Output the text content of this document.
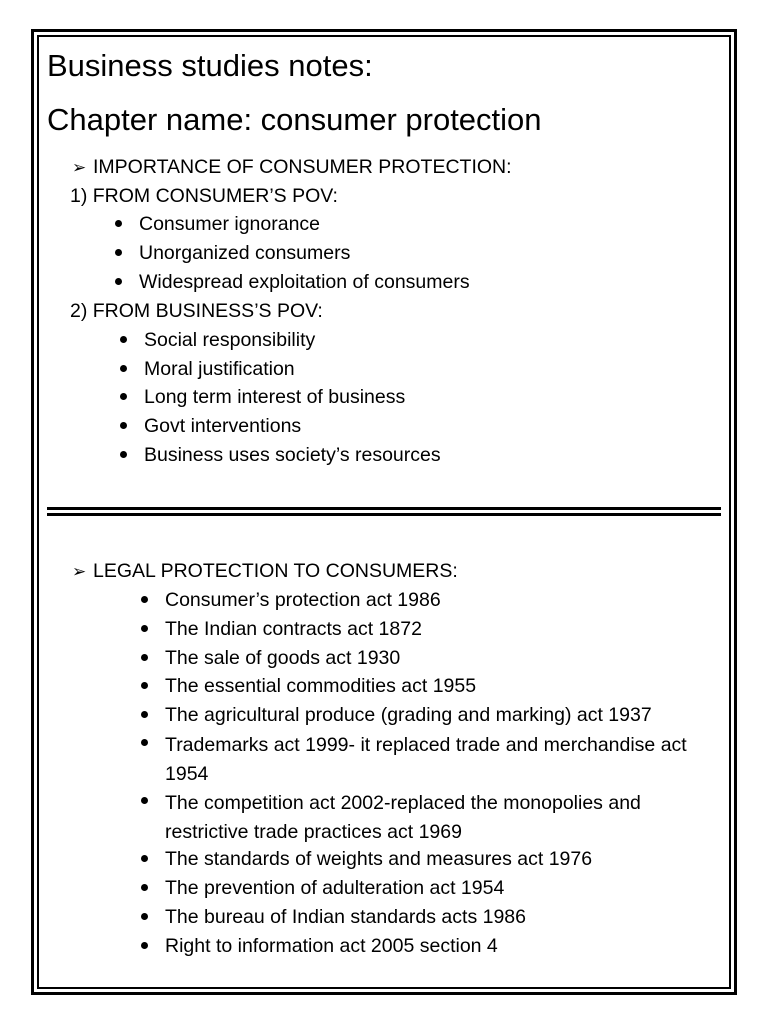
Business studies notes:
Chapter name: consumer protection
➢ IMPORTANCE OF CONSUMER PROTECTION:
1) FROM CONSUMER’S POV:
Consumer ignorance
Unorganized consumers
Widespread exploitation of consumers
2) FROM BUSINESS’S POV:
Social responsibility
Moral justification
Long term interest of business
Govt interventions
Business uses society’s resources
➢ LEGAL PROTECTION TO CONSUMERS:
Consumer’s protection act 1986
The Indian contracts act 1872
The sale of goods act 1930
The essential commodities act 1955
The agricultural produce (grading and marking) act 1937
Trademarks act 1999- it replaced trade and merchandise act 1954
The competition act 2002-replaced the monopolies and restrictive trade practices act 1969
The standards of weights and measures act 1976
The prevention of adulteration act 1954
The bureau of Indian standards acts 1986
Right to information act 2005 section 4
